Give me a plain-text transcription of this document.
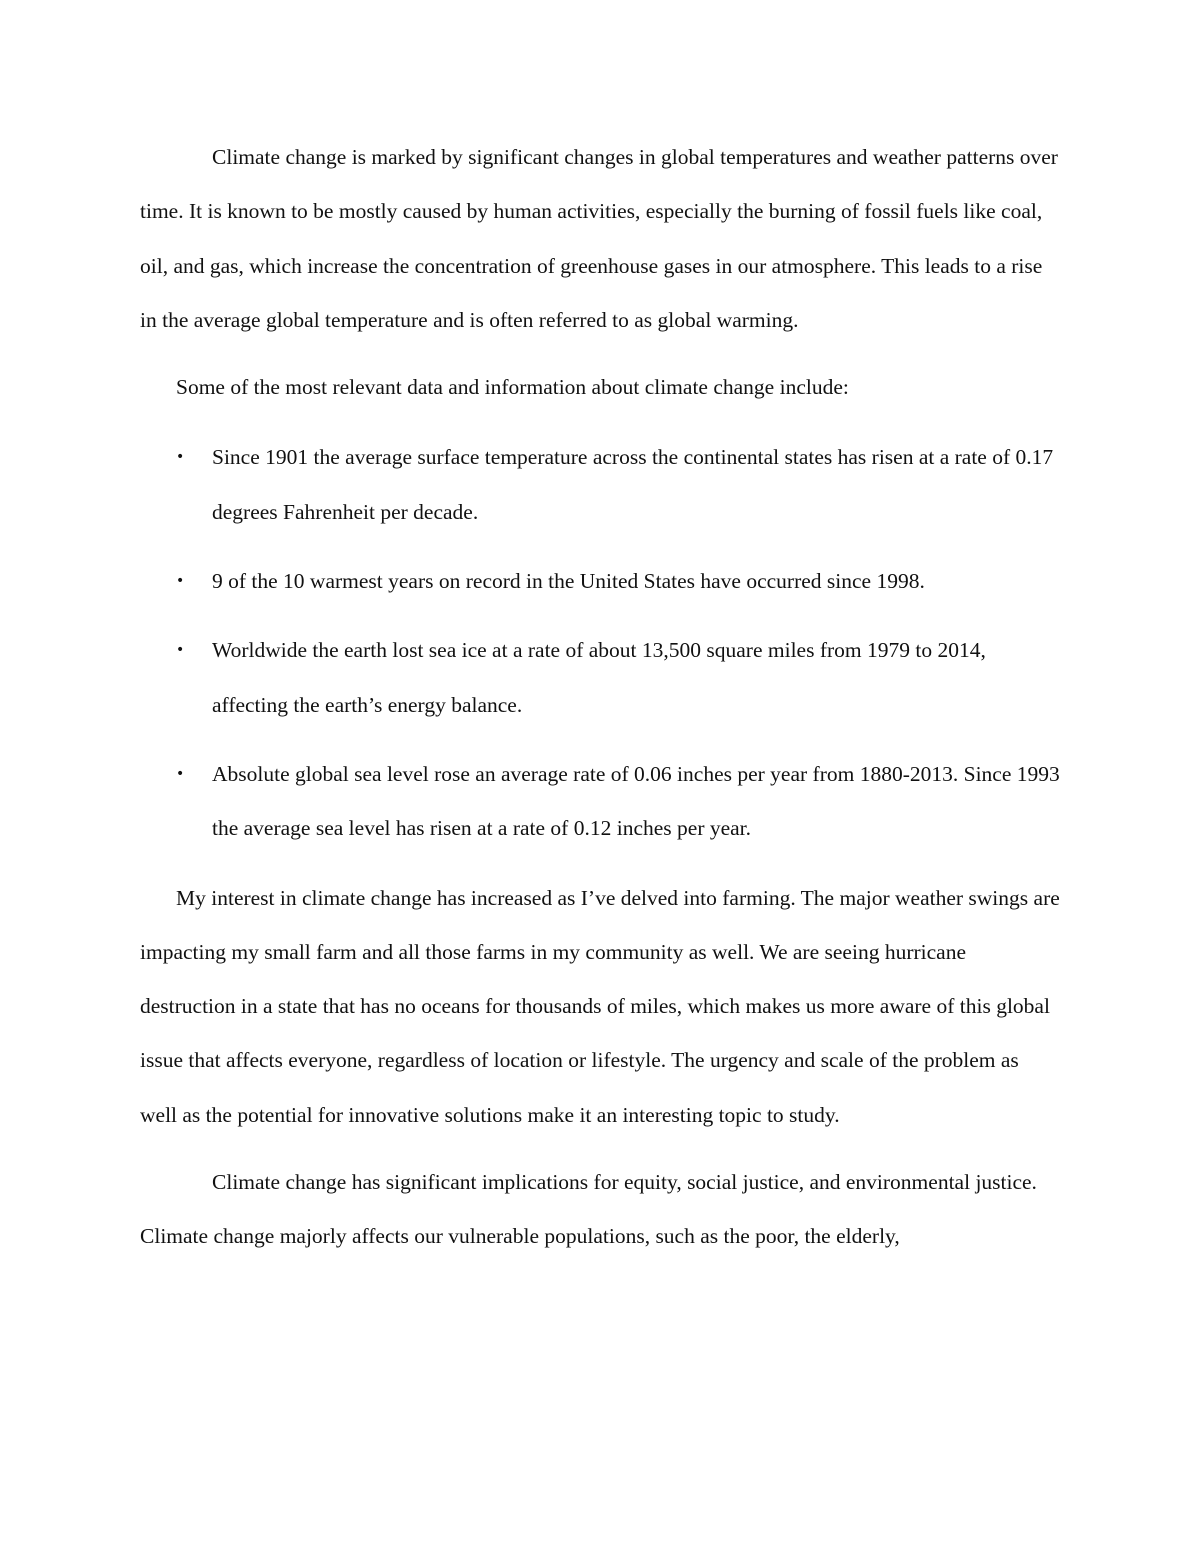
Climate change is marked by significant changes in global temperatures and weather patterns over time. It is known to be mostly caused by human activities, especially the burning of fossil fuels like coal, oil, and gas, which increase the concentration of greenhouse gases in our atmosphere. This leads to a rise in the average global temperature and is often referred to as global warming.

Some of the most relevant data and information about climate change include:

•	Since 1901 the average surface temperature across the continental states has risen at a rate of 0.17 degrees Fahrenheit per decade.
•	9 of the 10 warmest years on record in the United States have occurred since 1998.
•	Worldwide the earth lost sea ice at a rate of about 13,500 square miles from 1979 to 2014, affecting the earth’s energy balance.
•	Absolute global sea level rose an average rate of 0.06 inches per year from 1880-2013. Since 1993 the average sea level has risen at a rate of 0.12 inches per year.

My interest in climate change has increased as I’ve delved into farming. The major weather swings are impacting my small farm and all those farms in my community as well. We are seeing hurricane destruction in a state that has no oceans for thousands of miles, which makes us more aware of this global issue that affects everyone, regardless of location or lifestyle. The urgency and scale of the problem as well as the potential for innovative solutions make it an interesting topic to study.

Climate change has significant implications for equity, social justice, and environmental justice. Climate change majorly affects our vulnerable populations, such as the poor, the elderly,
